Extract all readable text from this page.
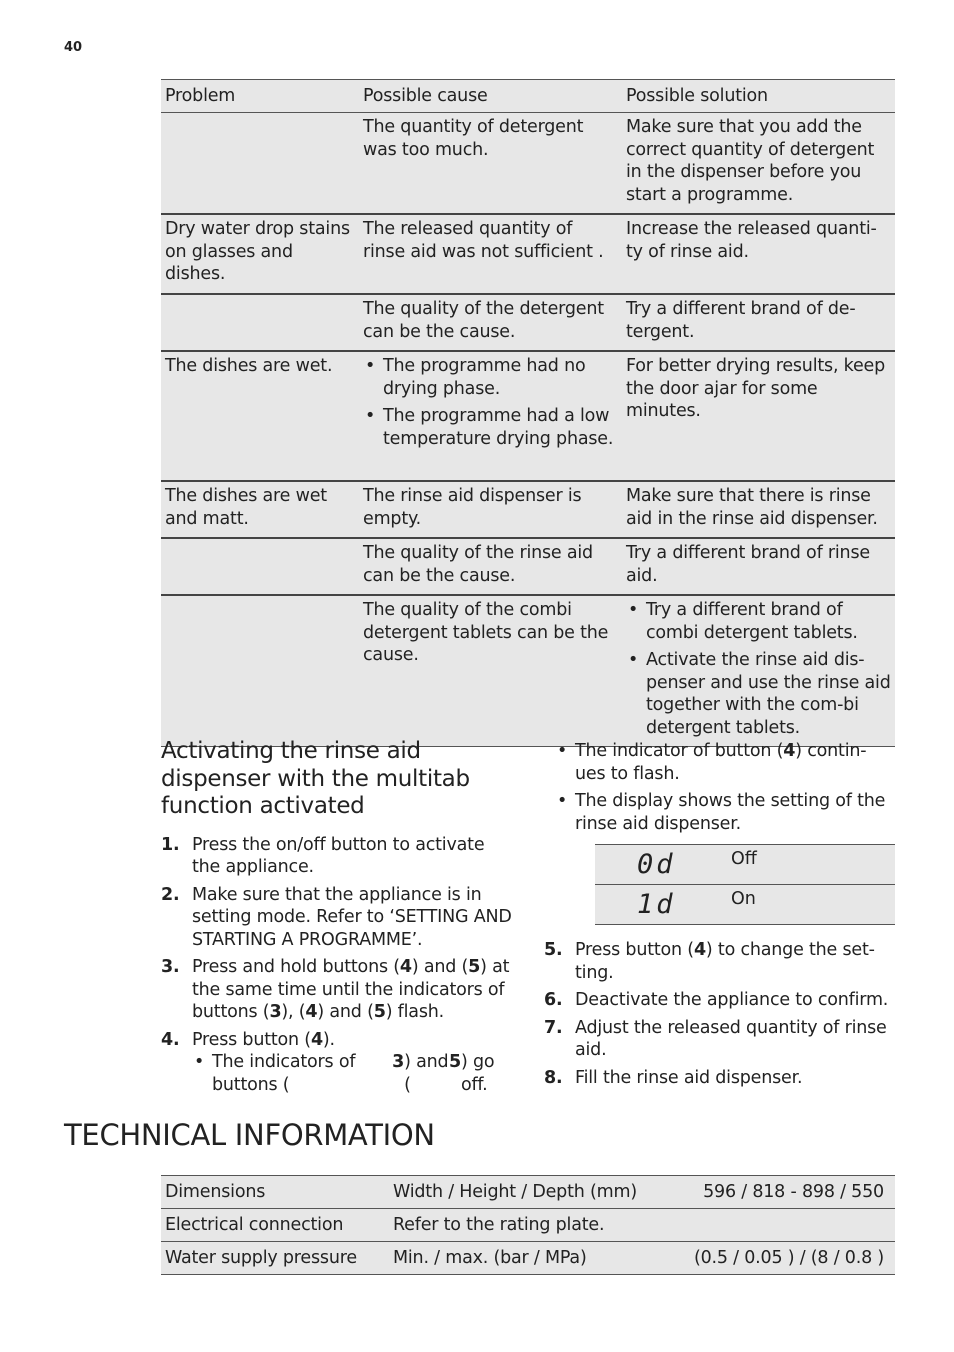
40
Problem	Possible cause	Possible solution
The quantity of detergent was too much.
Make sure that you add the correct quantity of detergent in the dispenser before you start a programme.
Dry water drop stains on glasses and dishes.
The released quantity of rinse aid was not sufficient .
Increase the released quanti-ty of rinse aid.
The quality of the detergent can be the cause.
Try a different brand of de-tergent.
The dishes are wet.
•	The programme had no drying phase.
• The programme had a low temperature drying phase.
For better drying results, keep the door ajar for some minutes.
The dishes are wet and matt.
The rinse aid dispenser is empty.
Make sure that there is rinse aid in the rinse aid dispenser.
The quality of the rinse aid can be the cause.
Try a different brand of rinse aid.
The quality of the combi detergent tablets can be the cause.
• Try a different brand of combi detergent tablets.
• Activate the rinse aid dis-penser and use the rinse aid together with the com-bi detergent tablets.
Activating the rinse aid dispenser with the multitab function activated
1. Press the on/off button to activate the appliance.
2. Make sure that the appliance is in setting mode. Refer to ‘SETTING AND STARTING A PROGRAMME’.
3. Press and hold buttons (4) and (5) at the same time until the indicators of buttons (3), (4) and (5) flash.
4. Press button (4).
• The indicators of buttons (
3 ) and (
5 ) go off.
• The indicator of button (4) contin-ues to flash.
• The display shows the setting of the rinse aid dispenser.
0d	Off
1d	On
5. Press button (4) to change the set-ting.
6. Deactivate the appliance to confirm.
7. Adjust the released quantity of rinse aid.
8. Fill the rinse aid dispenser.
TECHNICAL INFORMATION
Dimensions	Width / Height / Depth (mm)	596 / 818 - 898 / 550
Electrical connection	Refer to the rating plate.
Water supply pressure	Min. / max. (bar / MPa)	(0.5 / 0.05 ) / (8 / 0.8 )
